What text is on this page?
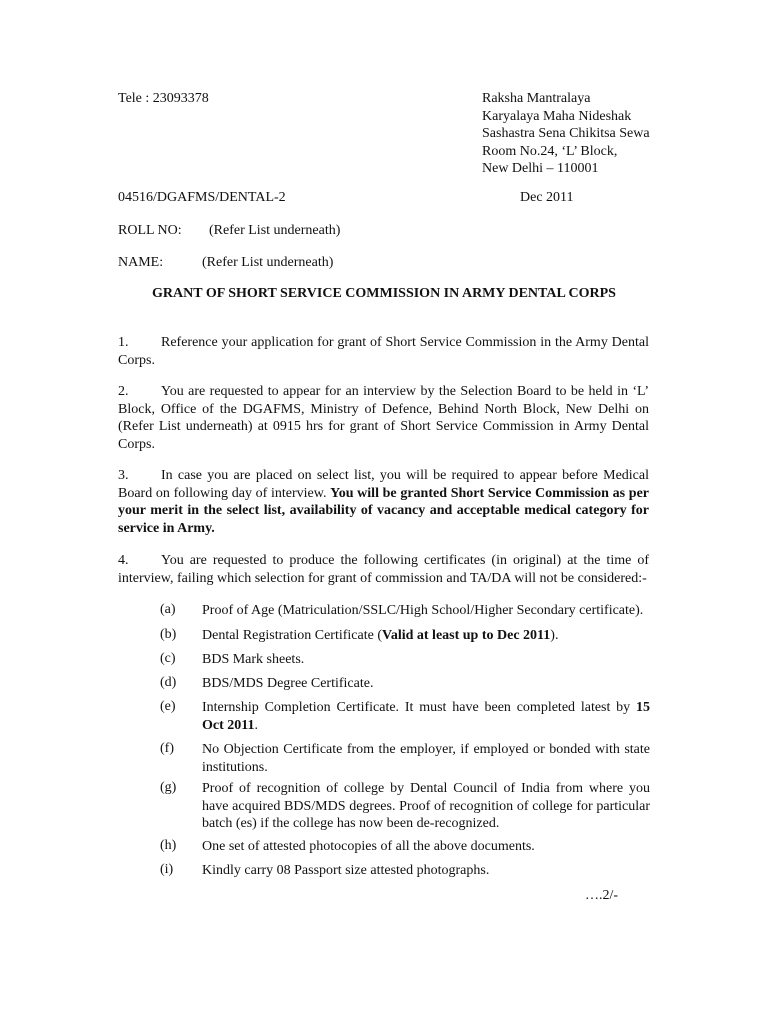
Tele : 23093378	Raksha Mantralaya
Karyalaya Maha Nideshak
Sashastra Sena Chikitsa Sewa
Room No.24, ‘L’ Block,
New Delhi – 110001
04516/DGAFMS/DENTAL-2	Dec 2011
ROLL NO: (Refer List underneath)
NAME:	(Refer List underneath)
GRANT OF SHORT SERVICE COMMISSION IN ARMY DENTAL CORPS
1. Reference your application for grant of Short Service Commission in the Army Dental Corps.
2. You are requested to appear for an interview by the Selection Board to be held in ‘L’ Block, Office of the DGAFMS, Ministry of Defence, Behind North Block, New Delhi on (Refer List underneath) at 0915 hrs for grant of Short Service Commission in Army Dental Corps.
3. In case you are placed on select list, you will be required to appear before Medical Board on following day of interview. You will be granted Short Service Commission as per your merit in the select list, availability of vacancy and acceptable medical category for service in Army.
4. You are requested to produce the following certificates (in original) at the time of interview, failing which selection for grant of commission and TA/DA will not be considered:-
(a) Proof of Age (Matriculation/SSLC/High School/Higher Secondary certificate).
(b) Dental Registration Certificate (Valid at least up to Dec 2011).
(c) BDS Mark sheets.
(d) BDS/MDS Degree Certificate.
(e) Internship Completion Certificate. It must have been completed latest by 15 Oct 2011.
(f) No Objection Certificate from the employer, if employed or bonded with state institutions.
(g) Proof of recognition of college by Dental Council of India from where you have acquired BDS/MDS degrees. Proof of recognition of college for particular batch (es) if the college has now been de-recognized.
(h) One set of attested photocopies of all the above documents.
(i) Kindly carry 08 Passport size attested photographs.
….2/-
